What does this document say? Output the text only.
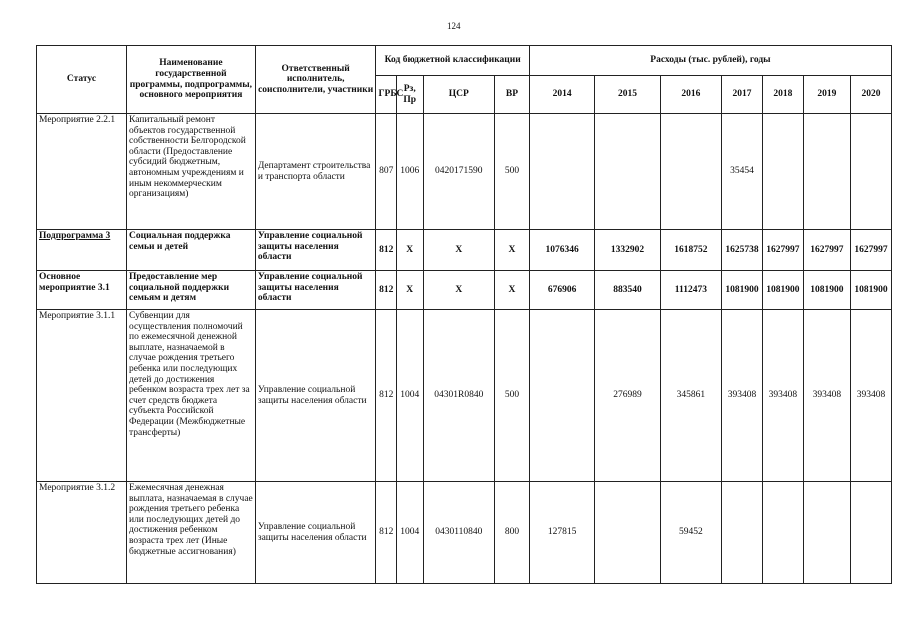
124
Статус	Наименование государственной программы, подпрограммы, основного мероприятия	Ответственный исполнитель, соисполнители, участники	Код бюджетной классификации				Расходы (тыс. рублей), годы						
			ГРБС	Рз, Пр	ЦСР	ВР	2014	2015	2016	2017	2018	2019	2020
Мероприятие 2.2.1	Капитальный ремонт объектов государственной собственности Белгородской области (Предоставление субсидий бюджетным, автономным учреждениям и иным некоммерческим организациям)	Департамент строительства и транспорта области	807	1006	0420171590	500				35454			
Подпрограмма 3	Социальная поддержка семьи и детей	Управление социальной защиты населения области	812	Х	Х	Х	1076346	1332902	1618752	1625738	1627997	1627997	1627997
Основное мероприятие 3.1	Предоставление мер социальной поддержки семьям и детям	Управление социальной защиты населения области	812	Х	Х	Х	676906	883540	1112473	1081900	1081900	1081900	1081900
Мероприятие 3.1.1	Субвенции для осуществления полномочий по ежемесячной денежной выплате, назначаемой в случае рождения третьего ребенка или последующих детей до достижения ребенком возраста трех лет за счет средств бюджета субъекта Российской Федерации (Межбюджетные трансферты)	Управление социальной защиты населения области	812	1004	04301R0840	500		276989	345861	393408	393408	393408	393408
Мероприятие 3.1.2	Ежемесячная денежная выплата, назначаемая в случае рождения третьего ребенка или последующих детей до достижения ребенком возраста трех лет (Иные бюджетные ассигнования)	Управление социальной защиты населения области	812	1004	0430110840	800	127815		59452				
